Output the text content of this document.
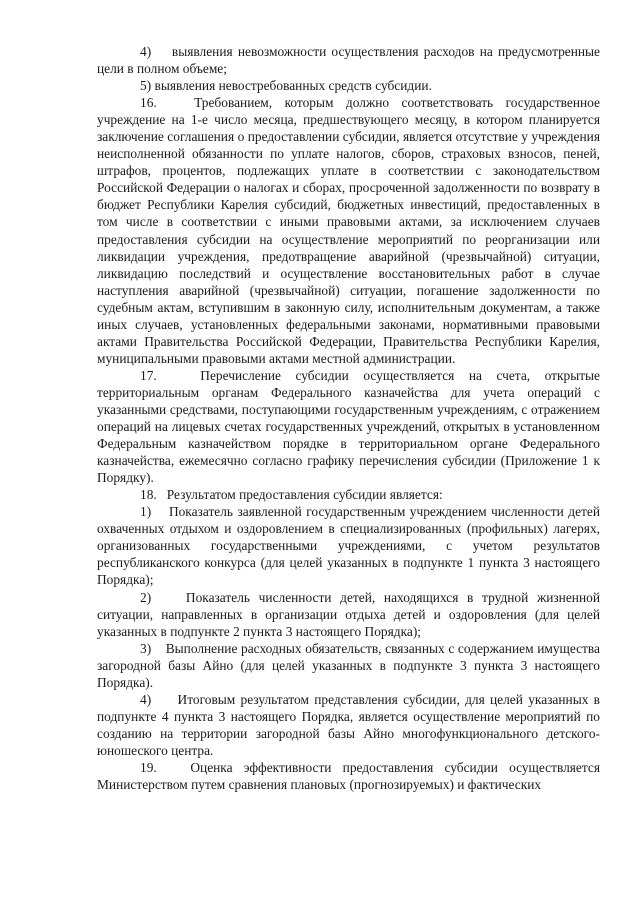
4)    выявления невозможности осуществления расходов на предусмотренные цели в полном объеме;

5) выявления невостребованных средств субсидии.

16.   Требованием, которым должно соответствовать государственное учреждение на 1-е число месяца, предшествующего месяцу, в котором планируется заключение соглашения о предоставлении субсидии, является отсутствие у учреждения неисполненной обязанности по уплате налогов, сборов, страховых взносов, пеней, штрафов, процентов, подлежащих уплате в соответствии с законодательством Российской Федерации о налогах и сборах, просроченной задолженности по возврату в бюджет Республики Карелия субсидий, бюджетных инвестиций, предоставленных в том числе в соответствии с иными правовыми актами, за исключением случаев предоставления субсидии на осуществление мероприятий по реорганизации или ликвидации учреждения, предотвращение аварийной (чрезвычайной) ситуации, ликвидацию последствий и осуществление восстановительных работ в случае наступления аварийной (чрезвычайной) ситуации, погашение задолженности по судебным актам, вступившим в законную силу, исполнительным документам, а также иных случаев, установленных федеральными законами, нормативными правовыми актами Правительства Российской Федерации, Правительства Республики Карелия, муниципальными правовыми актами местной администрации.

17.   Перечисление субсидии осуществляется на счета, открытые территориальным органам Федерального казначейства для учета операций с указанными средствами, поступающими государственным учреждениям, с отражением операций на лицевых счетах государственных учреждений, открытых в установленном Федеральным казначейством порядке в территориальном органе Федерального казначейства, ежемесячно согласно графику перечисления субсидии (Приложение 1 к Порядку).

18.   Результатом предоставления субсидии является:

1)    Показатель заявленной государственным учреждением численности детей охваченных отдыхом и оздоровлением в специализированных (профильных) лагерях, организованных государственными учреждениями, с учетом результатов республиканского конкурса (для целей указанных в подпункте 1 пункта 3 настоящего Порядка);

2)    Показатель численности детей, находящихся в трудной жизненной ситуации, направленных в организации отдыха детей и оздоровления (для целей указанных в подпункте 2 пункта 3 настоящего Порядка);

3)    Выполнение расходных обязательств, связанных с содержанием имущества загородной базы Айно (для целей указанных в подпункте 3 пункта 3 настоящего Порядка).

4)     Итоговым результатом представления субсидии, для целей указанных в подпункте 4 пункта 3 настоящего Порядка, является осуществление мероприятий по созданию на территории загородной базы Айно многофункционального детского-юношеского центра.

19.   Оценка эффективности предоставления субсидии осуществляется Министерством путем сравнения плановых (прогнозируемых) и фактических
